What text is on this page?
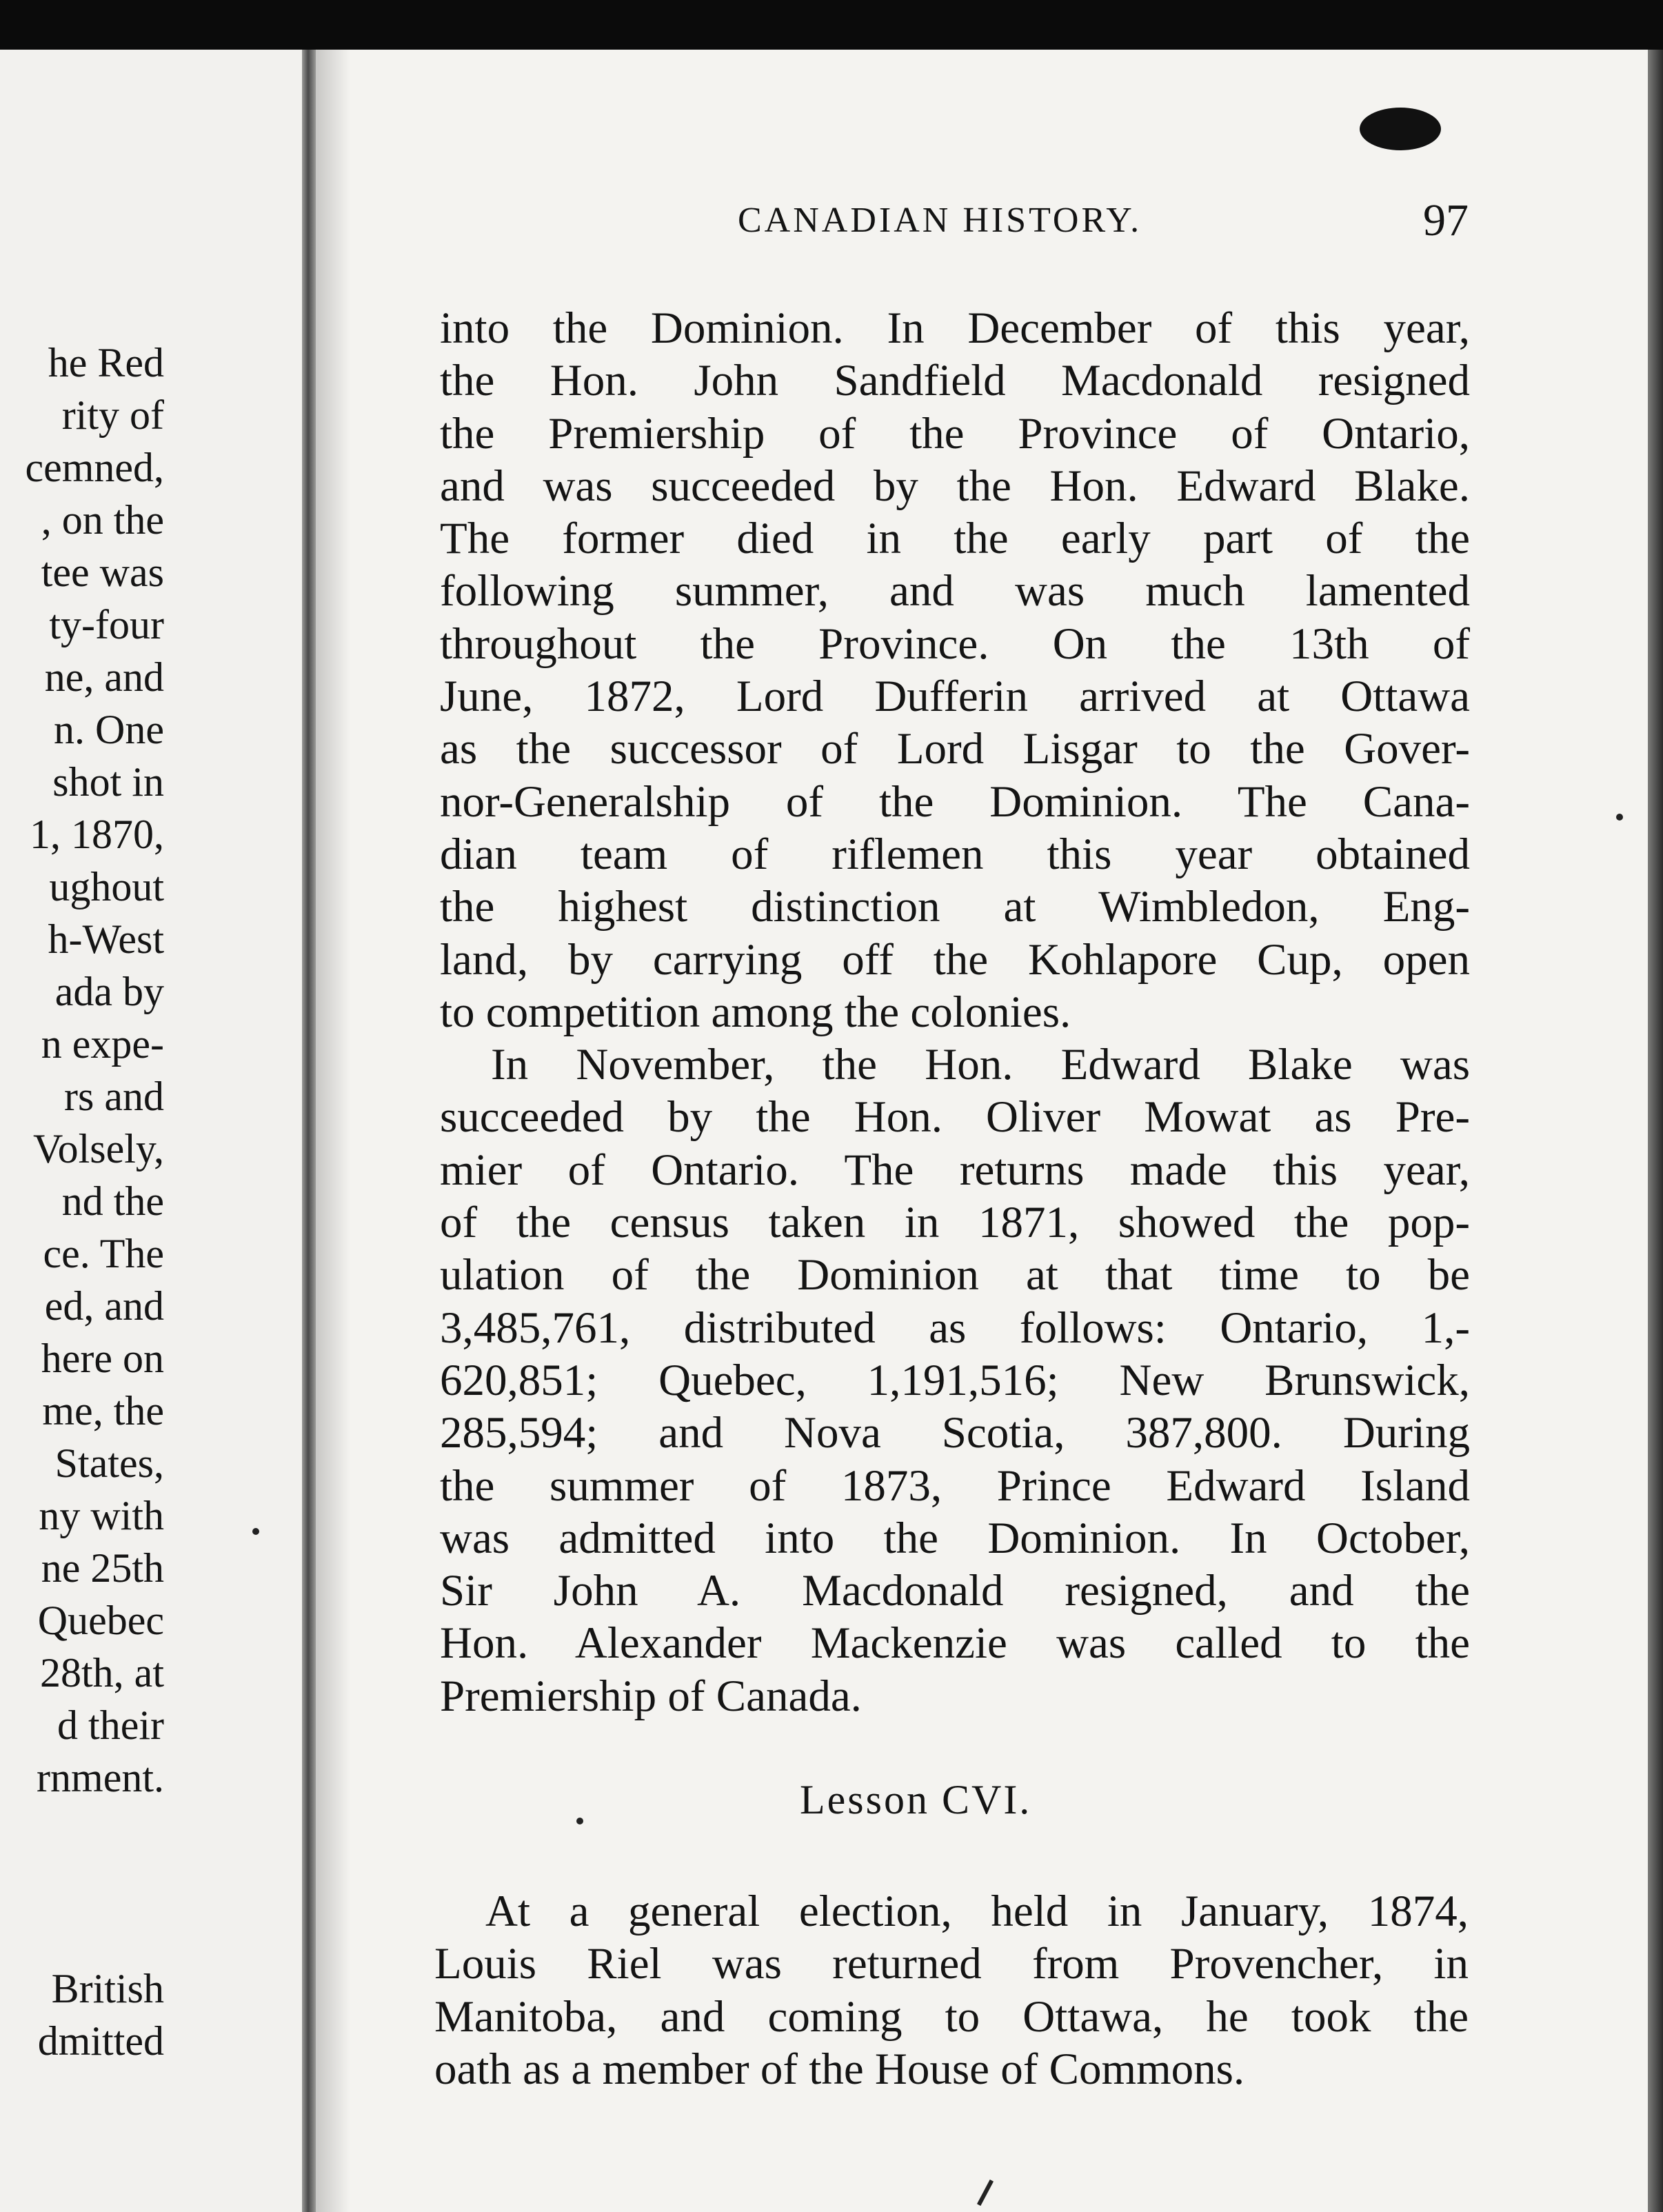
he Red
rity of
cemned,
, on the
tee was
ty-four
ne, and
n. One
shot in
1, 1870,
ughout
h-West
ada by
n expe-
rs and
Volsely,
nd the
ce. The
ed, and
here on
me, the
States,
ny with
ne 25th
Quebec
28th, at
d their
rnment.
British
dmitted
CANADIAN HISTORY.	97
into the Dominion. In December of this year,
the Hon. John Sandfield Macdonald resigned
the Premiership of the Province of Ontario,
and was succeeded by the Hon. Edward Blake.
The former died in the early part of the
following summer, and was much lamented
throughout the Province. On the 13th of
June, 1872, Lord Dufferin arrived at Ottawa
as the successor of Lord Lisgar to the Gover-
nor-Generalship of the Dominion. The Cana-
dian team of riflemen this year obtained
the highest distinction at Wimbledon, Eng-
land, by carrying off the Kohlapore Cup, open
to competition among the colonies.
In November, the Hon. Edward Blake was
succeeded by the Hon. Oliver Mowat as Pre-
mier of Ontario. The returns made this year,
of the census taken in 1871, showed the pop-
ulation of the Dominion at that time to be
3,485,761, distributed as follows: Ontario, 1,-
620,851; Quebec, 1,191,516; New Brunswick,
285,594; and Nova Scotia, 387,800. During
the summer of 1873, Prince Edward Island
was admitted into the Dominion. In October,
Sir John A. Macdonald resigned, and the
Hon. Alexander Mackenzie was called to the
Premiership of Canada.
Lesson CVI.
At a general election, held in January, 1874,
Louis Riel was returned from Provencher, in
Manitoba, and coming to Ottawa, he took the
oath as a member of the House of Commons.
